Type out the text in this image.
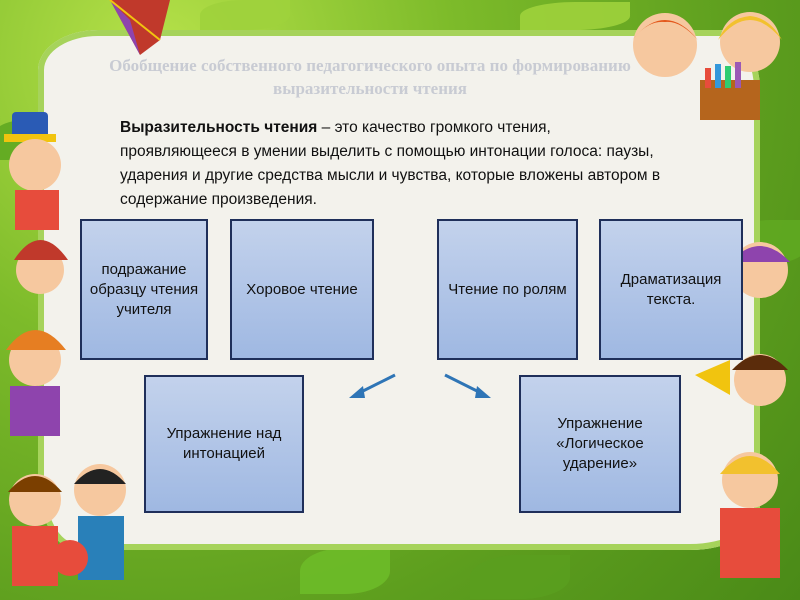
Обобщение собственного педагогического опыта по формированию выразительности чтения
Выразительность чтения – это качество громкого чтения, проявляющееся в умении выделить с помощью интонации голоса: паузы, ударения и другие средства мысли и чувства, которые вложены автором в содержание произведения.
подражание образцу чтения учителя
Хоровое чтение	Чтение по ролям
Драматизация текста.
Упражнение над интонацией
Упражнение «Логическое ударение»
